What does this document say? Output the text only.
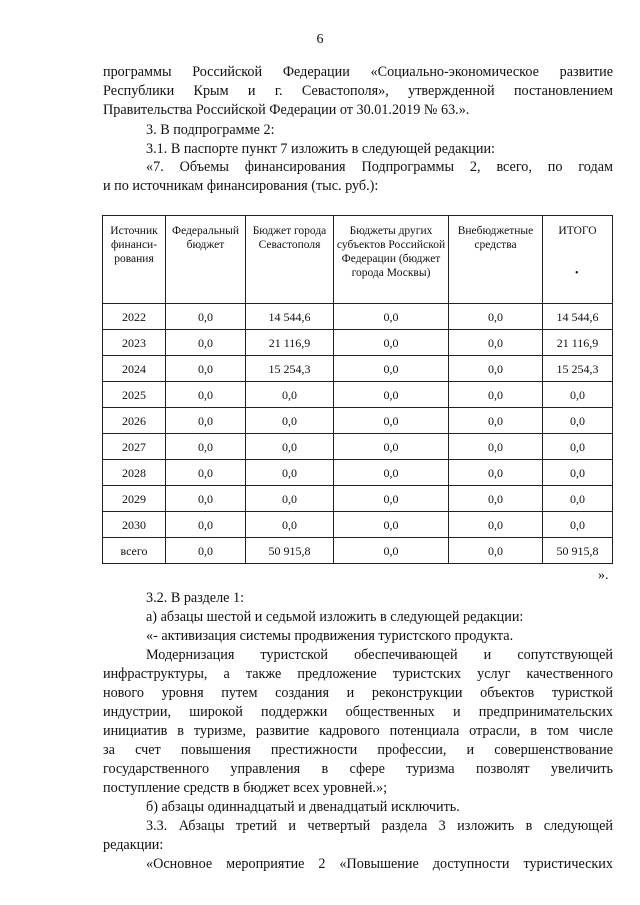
6
программы Российской Федерации «Социально-экономическое развитие
Республики Крым и г. Севастополя», утвержденной постановлением
Правительства Российской Федерации от 30.01.2019 № 63.».
3. В подпрограмме 2:
3.1. В паспорте пункт 7 изложить в следующей редакции:
«7. Объемы финансирования Подпрограммы 2, всего, по годам
и по источникам финансирования (тыс. руб.):
Источник финанси-рования	Федеральный бюджет	Бюджет города Севастополя	Бюджеты других субъектов Российской Федерации (бюджет города Москвы)	Внебюджетные средства	ИТОГО
2022	0,0	14 544,6	0,0	0,0	14 544,6
2023	0,0	21 116,9	0,0	0,0	21 116,9
2024	0,0	15 254,3	0,0	0,0	15 254,3
2025	0,0	0,0	0,0	0,0	0,0
2026	0,0	0,0	0,0	0,0	0,0
2027	0,0	0,0	0,0	0,0	0,0
2028	0,0	0,0	0,0	0,0	0,0
2029	0,0	0,0	0,0	0,0	0,0
2030	0,0	0,0	0,0	0,0	0,0
всего	0,0	50 915,8	0,0	0,0	50 915,8
•
».
3.2. В разделе 1:
а) абзацы шестой и седьмой изложить в следующей редакции:
«- активизация системы продвижения туристского продукта.
Модернизация туристской обеспечивающей и сопутствующей
инфраструктуры, а также предложение туристских услуг качественного
нового уровня путем создания и реконструкции объектов туристкой
индустрии, широкой поддержки общественных и предпринимательских
инициатив в туризме, развитие кадрового потенциала отрасли, в том числе
за счет повышения престижности профессии, и совершенствование
государственного управления в сфере туризма позволят увеличить
поступление средств в бюджет всех уровней.»;
б) абзацы одиннадцатый и двенадцатый исключить.
3.3. Абзацы третий и четвертый раздела 3 изложить в следующей
редакции:
«Основное мероприятие 2 «Повышение доступности туристических
